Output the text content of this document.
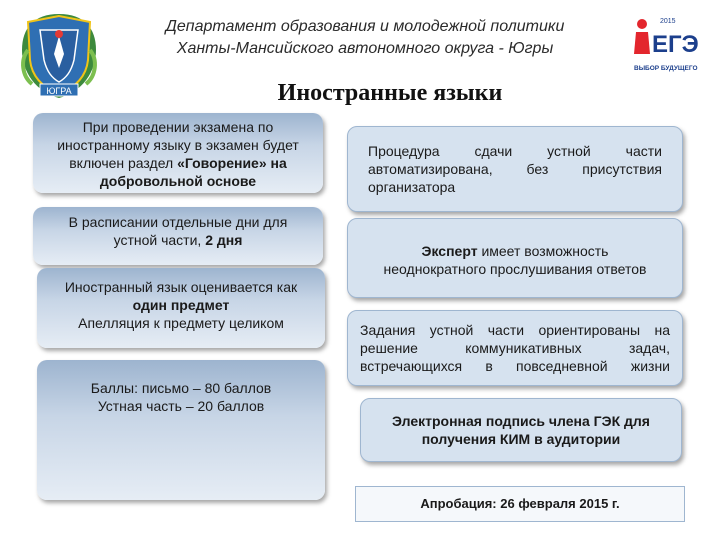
ЮГРА
Департамент образования и молодежной политики
Ханты-Мансийского автономного округа - Югры
2015
ЕГЭ
ВЫБОР БУДУЩЕГО
Иностранные языки
При проведении экзамена по
иностранному языку в экзамен будет
включен раздел «Говорение» на
добровольной основе
В расписании отдельные дни для
устной части, 2 дня
Иностранный язык оценивается как
один предмет
Апелляция к предмету целиком
Баллы: письмо – 80 баллов
Устная часть – 20 баллов
Процедура сдачи устной части
автоматизирована, без присутствия
организатора
Эксперт имеет возможность
неоднократного прослушивания ответов
Задания устной части ориентированы на
решение коммуникативных задач,
встречающихся в повседневной жизни
Электронная подпись члена ГЭК для
получения КИМ в аудитории
Апробация: 26 февраля 2015 г.
